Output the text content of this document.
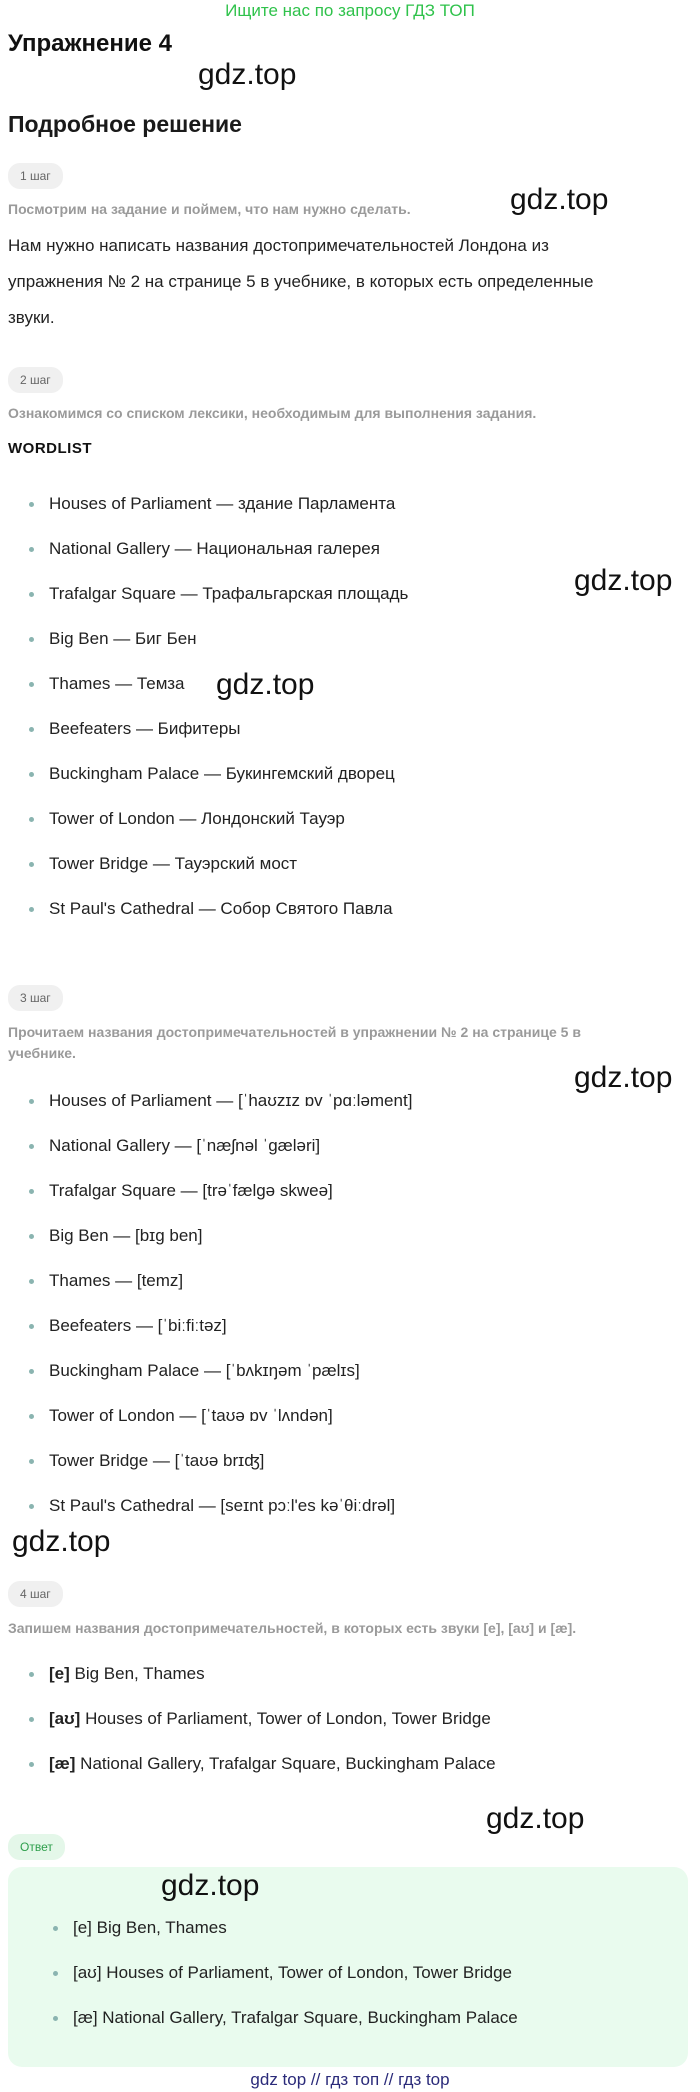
Ищите нас по запросу ГДЗ ТОП
Упражнение 4
gdz.top
Подробное решение
1 шаг
Посмотрим на задание и поймем, что нам нужно сделать.	gdz.top
Нам нужно написать названия достопримечательностей Лондона из
упражнения № 2 на странице 5 в учебнике, в которых есть определенные
звуки.
2 шаг
Ознакомимся со списком лексики, необходимым для выполнения задания.
WORDLIST
Houses of Parliament — здание Парламента
National Gallery — Национальная галерея
Trafalgar Square — Трафальгарская площадь
Big Ben — Биг Бен
Thames — Темза
Beefeaters — Бифитеры
Buckingham Palace — Букингемский дворец
Tower of London — Лондонский Тауэр
Tower Bridge — Тауэрский мост
St Paul's Cathedral — Собор Святого Павла
gdz.top
gdz.top
3 шаг
Прочитаем названия достопримечательностей в упражнении № 2 на странице 5 в
учебнике.
gdz.top
Houses of Parliament — [ˈhaʊzɪz ɒv ˈpɑːləment]
National Gallery — [ˈnæʃnəl ˈgæləri]
Trafalgar Square — [trəˈfælgə skweə]
Big Ben — [bɪg ben]
Thames — [temz]
Beefeaters — [ˈbiːfiːtəz]
Buckingham Palace — [ˈbʌkɪŋəm ˈpælɪs]
Tower of London — [ˈtaʊə ɒv ˈlʌndən]
Tower Bridge — [ˈtaʊə brɪʤ]
St Paul's Cathedral — [seɪnt pɔːl'es kəˈθiːdrəl]
gdz.top
4 шаг
Запишем названия достопримечательностей, в которых есть звуки [e], [aʊ] и [æ].
[e] Big Ben, Thames
[aʊ] Houses of Parliament, Tower of London, Tower Bridge
[æ] National Gallery, Trafalgar Square, Buckingham Palace
gdz.top
Ответ
gdz.top
[e] Big Ben, Thames
[aʊ] Houses of Parliament, Tower of London, Tower Bridge
[æ] National Gallery, Trafalgar Square, Buckingham Palace
gdz top // гдз топ // гдз top
